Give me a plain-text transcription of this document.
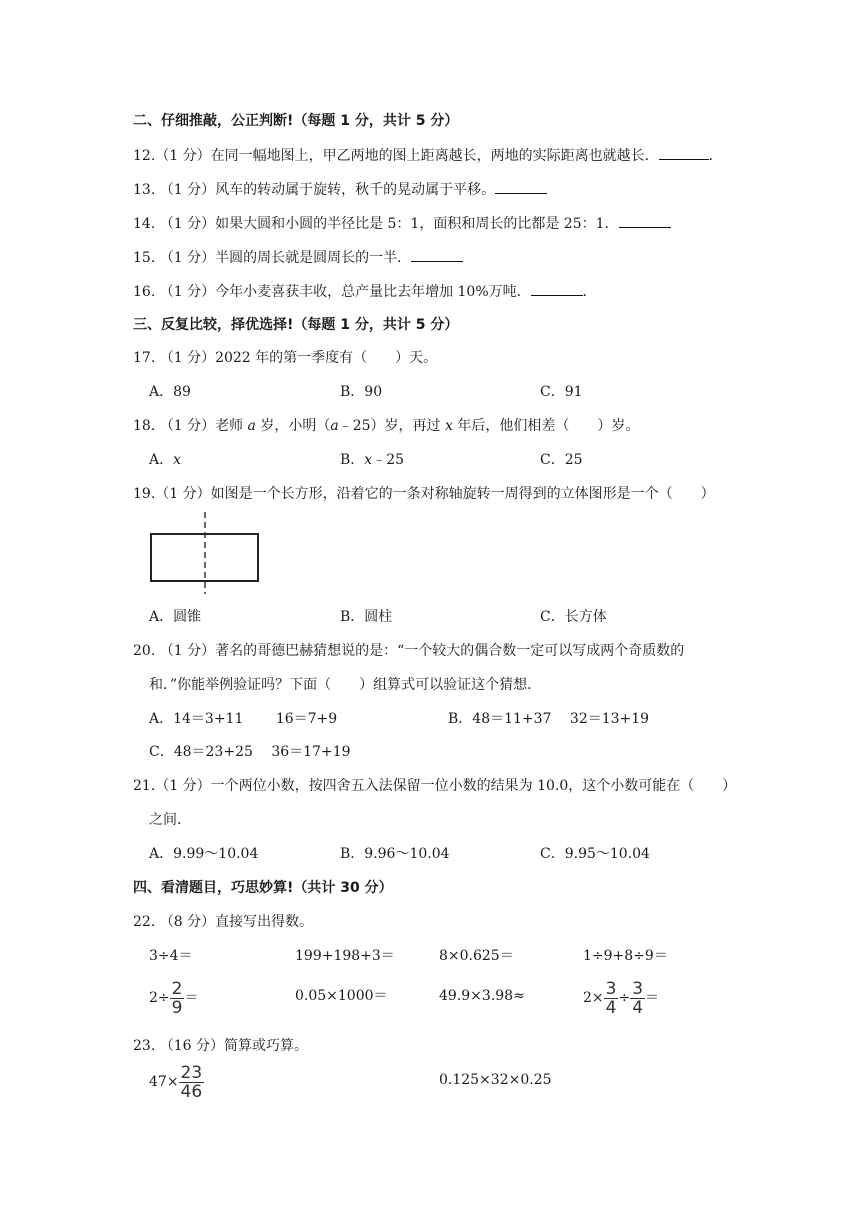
二、仔细推敲，公正判断!（每题 1 分，共计 5 分）
12.（1 分）在同一幅地图上，甲乙两地的图上距离越长，两地的实际距离也就越长．	．
13. （1 分）风车的转动属于旋转，秋千的晃动属于平移。
14. （1 分）如果大圆和小圆的半径比是 5：1，面积和周长的比都是 25：1．
15. （1 分）半圆的周长就是圆周长的一半．
16. （1 分）今年小麦喜获丰收，总产量比去年增加 10%万吨．	．
三、反复比较，择优选择!（每题 1 分，共计 5 分）
17. （1 分）2022 年的第一季度有（　　）天。
A．89	B．90	C．91
18. （1 分）老师 a 岁，小明（a﹣25）岁，再过 x 年后，他们相差（　　）岁。
A．x	B．x﹣25	C．25
19.（1 分）如图是一个长方形，沿着它的一条对称轴旋转一周得到的立体图形是一个（　　）
A．圆锥	B．圆柱	C．长方体
20. （1 分）著名的哥德巴赫猜想说的是：“一个较大的偶合数一定可以写成两个奇质数的
和．”你能举例验证吗？下面（　　）组算式可以验证这个猜想．
A．14＝3+11　　 16＝7+9	B．48＝11+37　 32＝13+19
C．48＝23+25　 36＝17+19
21.（1 分）一个两位小数，按四舍五入法保留一位小数的结果为 10.0，这个小数可能在（　　）
之间．
A．9.99～10.04	B．9.96～10.04	C．9.95～10.04
四、看清题目，巧思妙算!（共计 30 分）
22. （8 分）直接写出得数。
3÷4＝	199+198+3＝	8×0.625＝	1÷9+8÷9＝
$2\div \frac{2}{9}$ ＝	0.05×1000＝	49.9×3.98≈	$2\times \frac{3}{4} \div \frac{3}{4}$ ＝
23. （16 分）简算或巧算。
$47\times \frac{23}{46}$	0.125×32×0.25
